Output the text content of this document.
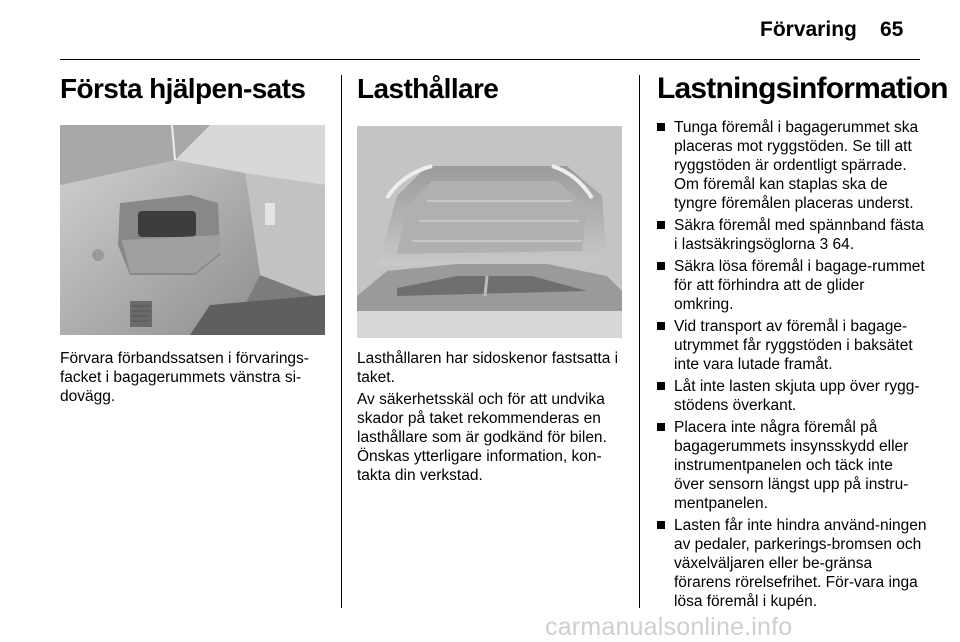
Förvaring 65
Första hjälpen-sats

Förvara förbandssatsen i förvarings-facket i bagagerummets vänstra si-dovägg.

Lasthållare

Lasthållaren har sidoskenor fastsatta i taket.

Av säkerhetsskäl och för att undvika skador på taket rekommenderas en lasthållare som är godkänd för bilen. Önskas ytterligare information, kon-takta din verkstad.

Lastningsinformation
Tunga föremål i bagagerummet ska placeras mot ryggstöden. Se till att ryggstöden är ordentligt spärrade. Om föremål kan staplas ska de tyngre föremålen placeras underst.
Säkra föremål med spännband fästa i lastsäkringsöglorna 3 64.
Säkra lösa föremål i bagage-rummet för att förhindra att de glider omkring.
Vid transport av föremål i bagage-utrymmet får ryggstöden i baksätet inte vara lutade framåt.
Låt inte lasten skjuta upp över rygg-stödens överkant.
Placera inte några föremål på bagagerummets insynsskydd eller instrumentpanelen och täck inte över sensorn längst upp på instru-mentpanelen.
Lasten får inte hindra använd-ningen av pedaler, parkerings-bromsen och växelväljaren eller be-gränsa förarens rörelsefrihet. För-vara inga lösa föremål i kupén.
carmanualsonline.info
